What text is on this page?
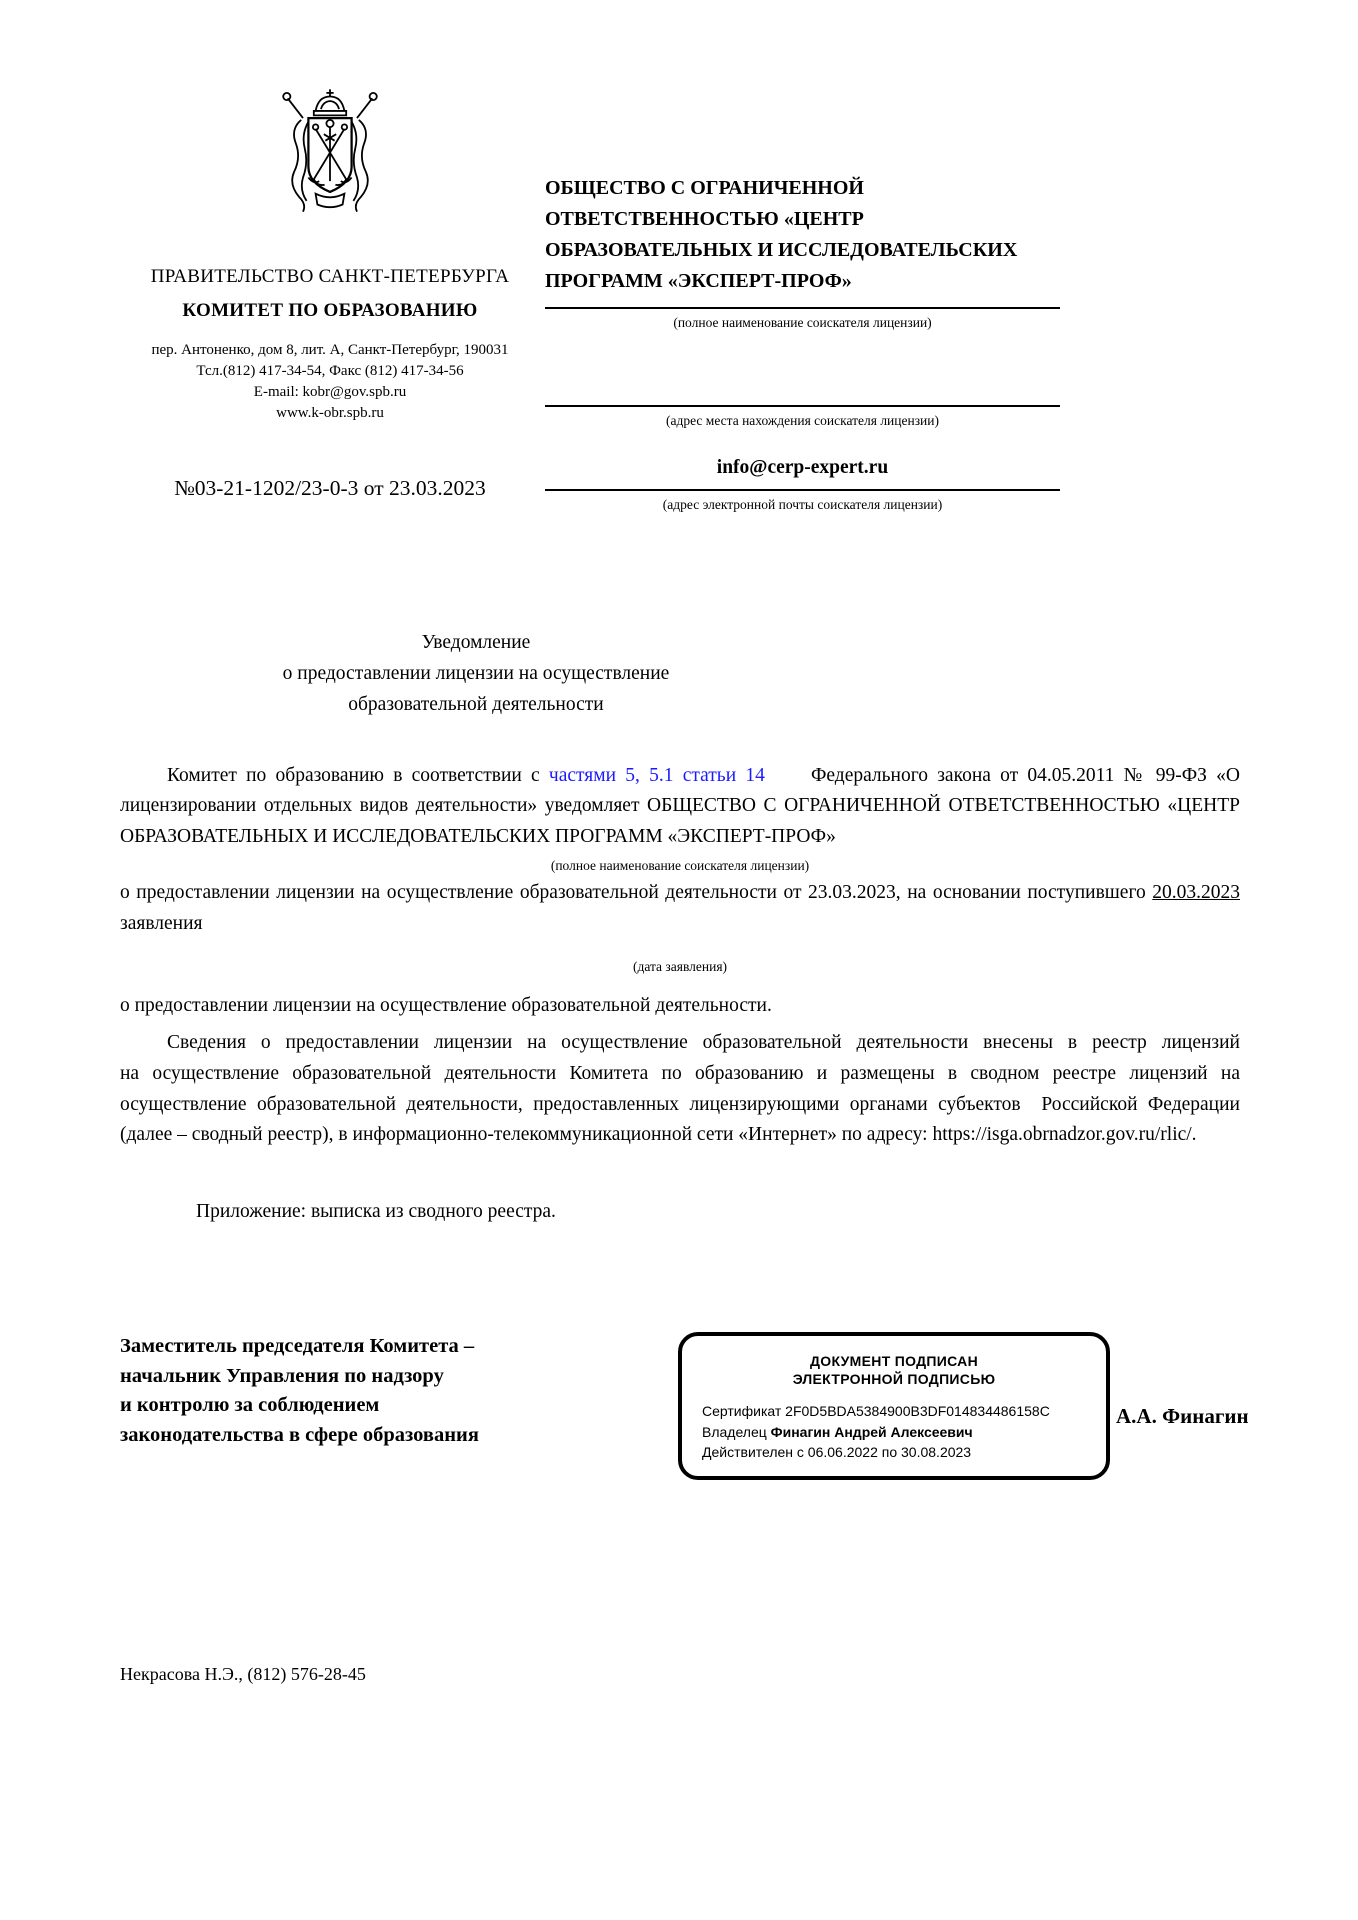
ПРАВИТЕЛЬСТВО САНКТ-ПЕТЕРБУРГА
КОМИТЕТ ПО ОБРАЗОВАНИЮ
пер. Антоненко, дом 8, лит. А, Санкт-Петербург, 190031
Тсл.(812) 417-34-54, Факс (812) 417-34-56
E-mail: kobr@gov.spb.ru
www.k-obr.spb.ru
№03-21-1202/23-0-3 от 23.03.2023
ОБЩЕСТВО С ОГРАНИЧЕННОЙ ОТВЕТСТВЕННОСТЬЮ «ЦЕНТР ОБРАЗОВАТЕЛЬНЫХ И ИССЛЕДОВАТЕЛЬСКИХ ПРОГРАММ «ЭКСПЕРТ-ПРОФ»
(полное наименование соискателя лицензии)
(адрес места нахождения соискателя лицензии)
info@cerp-expert.ru
(адрес электронной почты соискателя лицензии)
Уведомление
о предоставлении лицензии на осуществление
образовательной деятельности

Комитет по образованию в соответствии с частями 5, 5.1 статьи 14     Федерального закона от 04.05.2011 № 99-ФЗ «О лицензировании отдельных видов деятельности» уведомляет ОБЩЕСТВО С ОГРАНИЧЕННОЙ ОТВЕТСТВЕННОСТЬЮ «ЦЕНТР ОБРАЗОВАТЕЛЬНЫХ И ИССЛЕДОВАТЕЛЬСКИХ ПРОГРАММ «ЭКСПЕРТ-ПРОФ»

(полное наименование соискателя лицензии)

о предоставлении лицензии на осуществление образовательной деятельности от 23.03.2023, на основании поступившего 20.03.2023 заявления

(дата заявления)

о предоставлении лицензии на осуществление образовательной деятельности.

Сведения о предоставлении лицензии на осуществление образовательной деятельности внесены в реестр лицензий на осуществление образовательной деятельности Комитета по образованию и размещены в сводном реестре лицензий на осуществление образовательной деятельности, предоставленных лицензирующими органами субъектов  Российской Федерации (далее – сводный реестр), в информационно-телекоммуникационной сети «Интернет» по адресу: https://isga.obrnadzor.gov.ru/rlic/.

Приложение: выписка из сводного реестра.
Заместитель председателя Комитета –
начальник Управления по надзору
и контролю за соблюдением
законодательства в сфере образования
ДОКУМЕНТ ПОДПИСАН
ЭЛЕКТРОННОЙ ПОДПИСЬЮ
Сертификат 2F0D5BDA5384900B3DF014834486158C
Владелец Финагин Андрей Алексеевич
Действителен с 06.06.2022 по 30.08.2023
А.А. Финагин
Некрасова Н.Э., (812) 576-28-45
